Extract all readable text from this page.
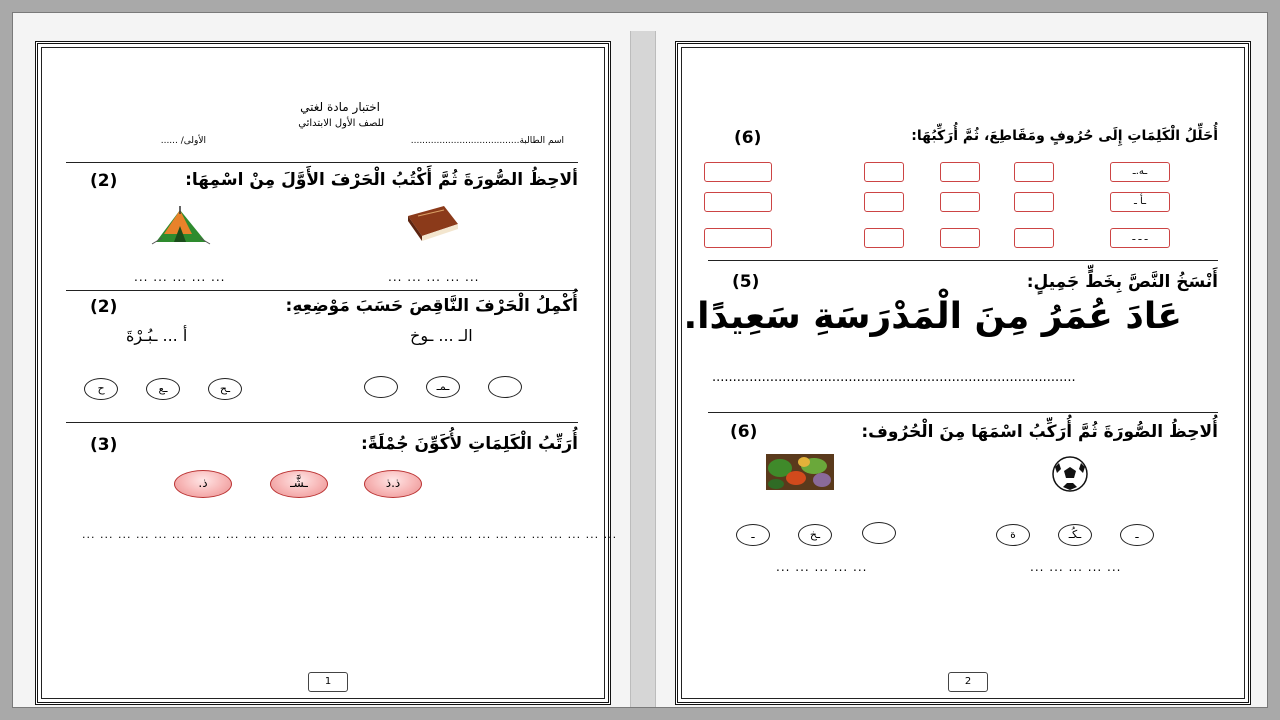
اختبار مادة لغتي
للصف الأول الابتدائي
اسم الطالبة......................................
الأولى/ ......
ألاحِظُ الصُّورَةَ ثُمَّ أَكْتُبُ الْحَرْفَ الأَوَّلَ مِنْ اسْمِهَا:
(2)
... ... ... ... ...
... ... ... ... ...
أُكْمِلُ الْحَرْفَ النَّاقِصَ حَسَبَ مَوْضِعِهِ:
(2)
الـ ... ـوخ
أ ... ـبُـرْةَ
ـمـ
ح	ـع	ـح
أُرَتِّبُ الْكَلِمَاتِ لأُكَوِّنَ جُمْلَةً:
(3)
ذ.ذ
ـشَّـ
ذ.
... ... ... ... ... ... ... ... ... ... ... ... ... ... ... ... ... ... ... ... ... ... ... ... ... ... ... ... ... ...
1
أُحَلِّلُ الْكَلِمَاتِ إِلَى حُرُوفٍ ومَقَاطِعَ، ثُمَّ أُرَكِّبُهَا:
(6)
ـه.ـ
ـأ ـ
ـ ـ ـ
أَنْسَخُ النَّصَّ بِخَطٍّ جَمِيلٍ:
(5)
عَادَ عُمَرُ مِنَ الْمَدْرَسَةِ سَعِيدًا.
........................................................................................
أُلاحِظُ الصُّورَةَ ثُمَّ أُرَكِّبُ اسْمَهَا مِنَ الْحُرُوف:
(6)
ة	ـكُـ	ـ
ـ	ـخ
... ... ... ... ...
... ... ... ... ...
2
